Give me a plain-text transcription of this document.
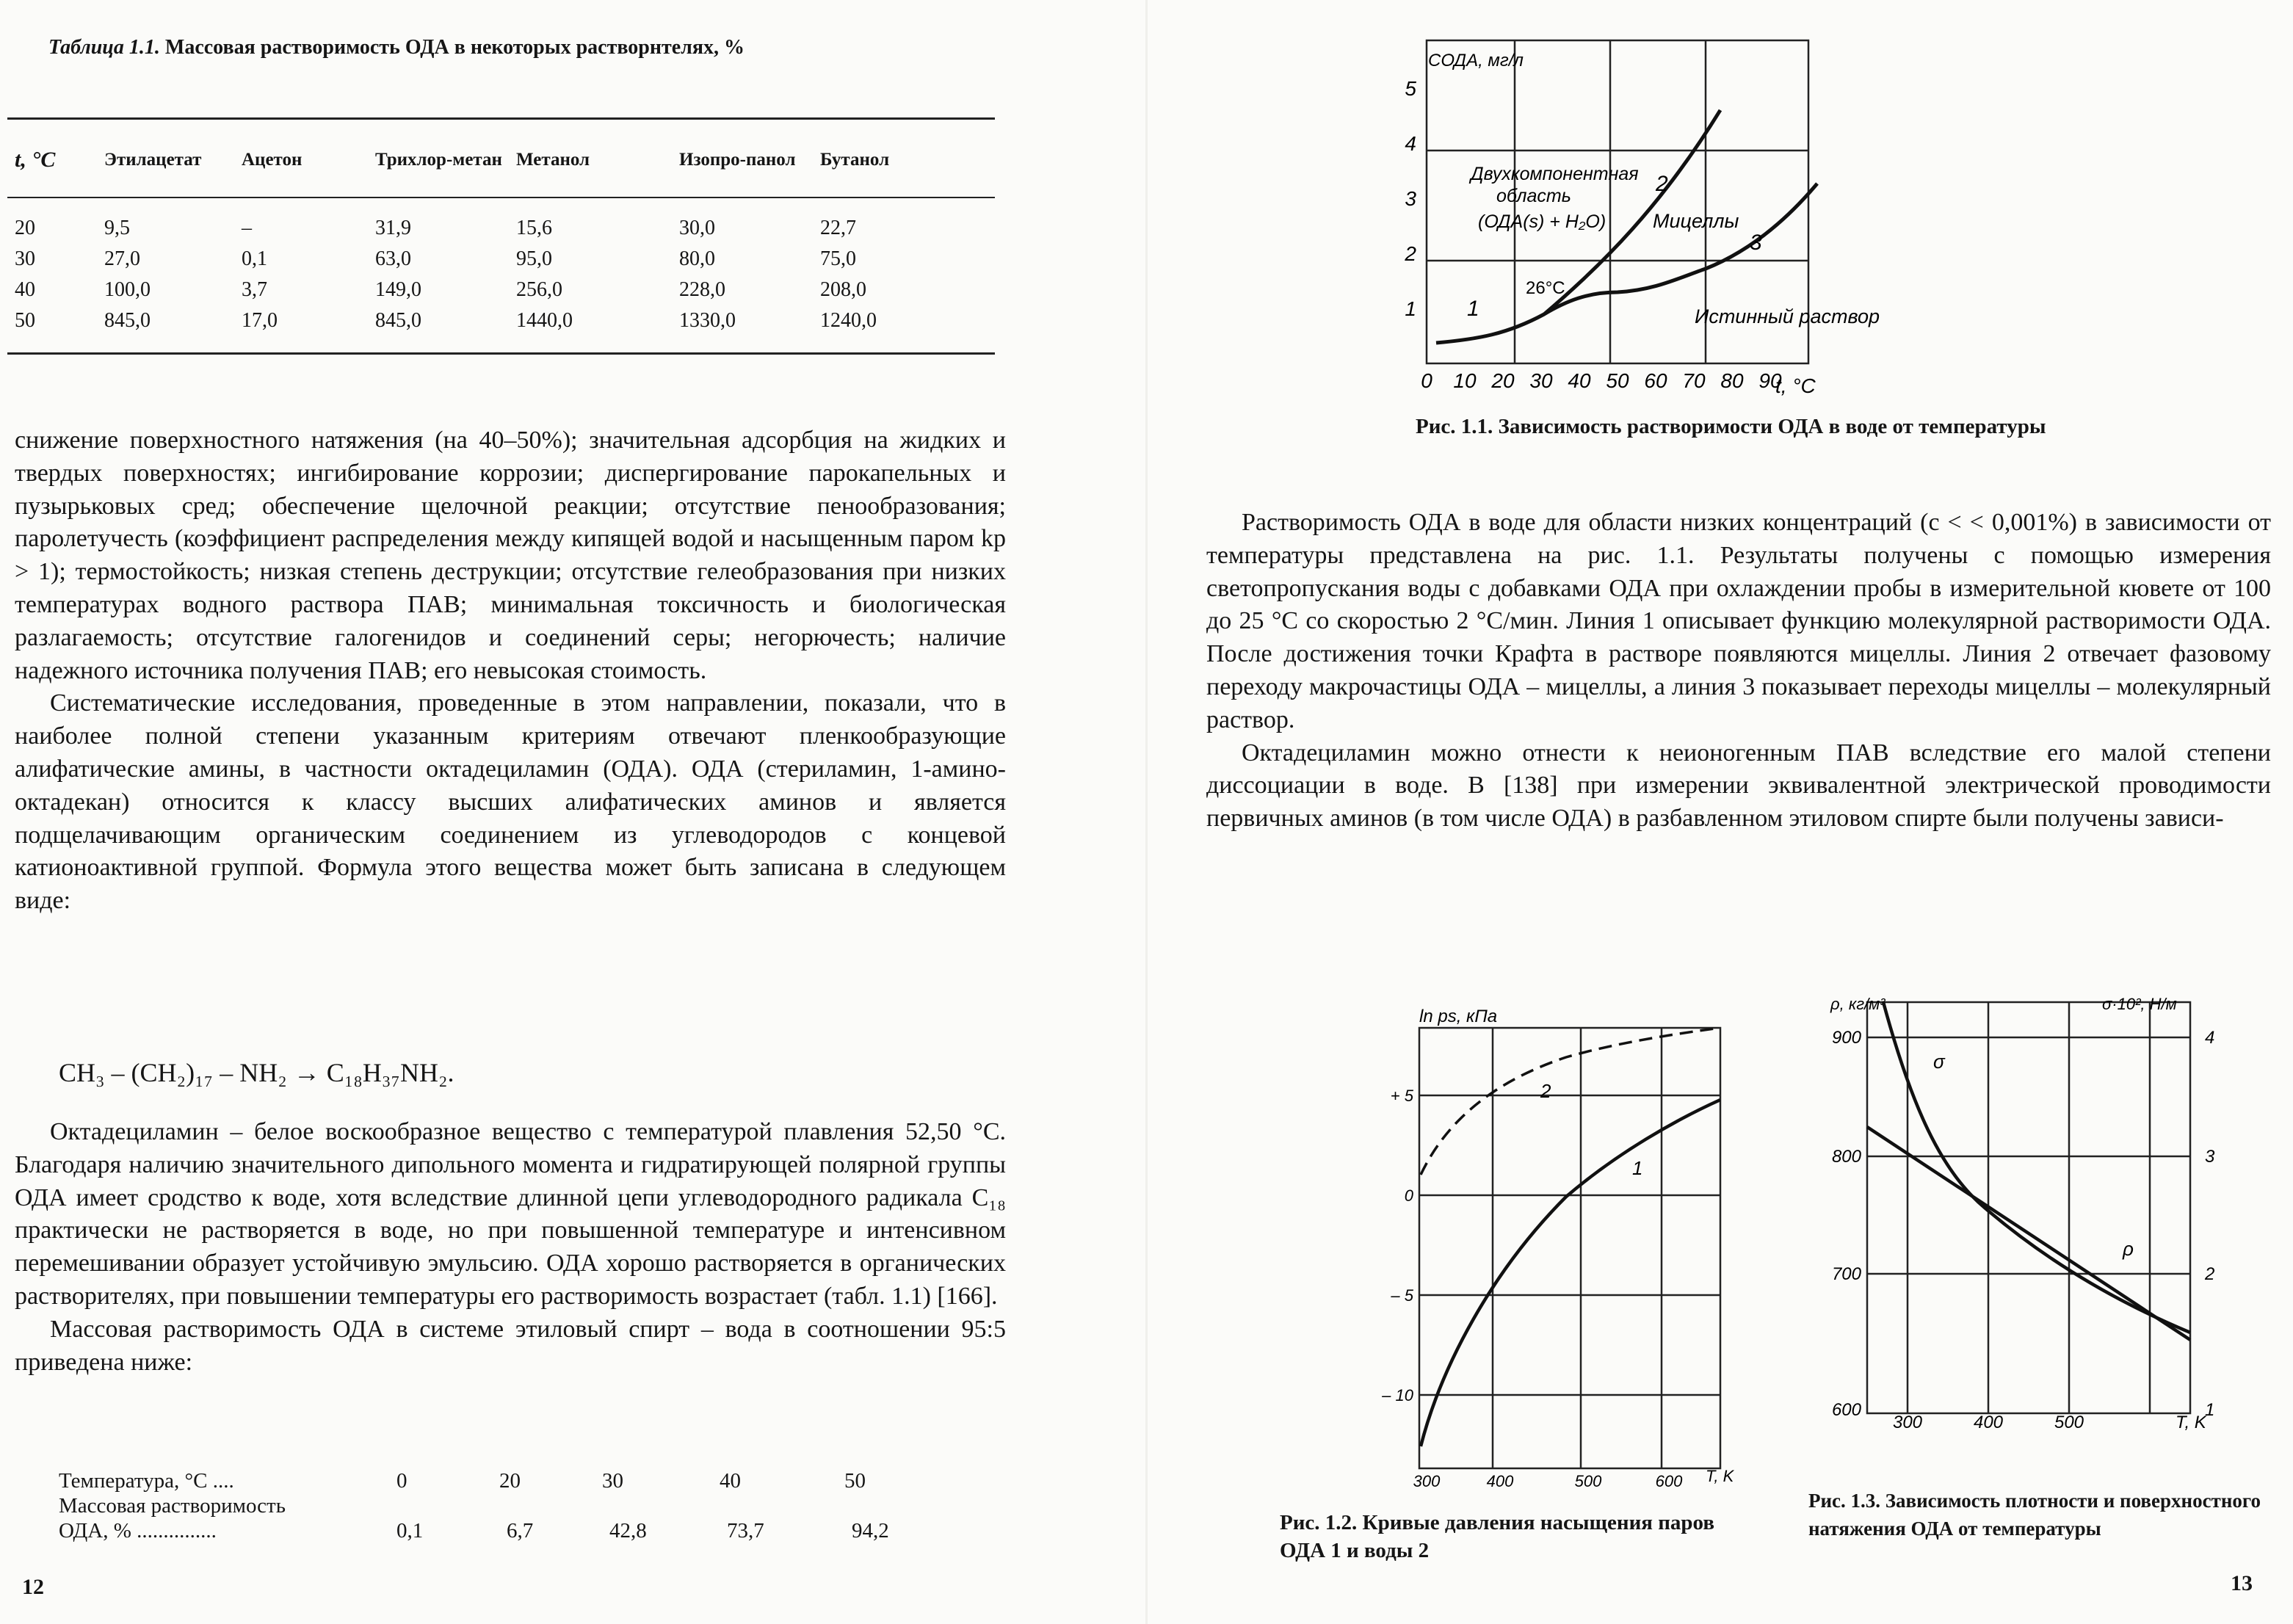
Таблица 1.1. Массовая растворимость ОДА в некоторых растворнтелях, %
t, °C	Этилацетат	Ацетон	Трихлор-метан	Метанол	Изопро-панол	Бутанол

20	9,5	–	31,9	15,6	30,0	22,7
30	27,0	0,1	63,0	95,0	80,0	75,0
40	100,0	3,7	149,0	256,0	228,0	208,0
50	845,0	17,0	845,0	1440,0	1330,0	1240,0

снижение поверхностного натяжения (на 40–50%); значительная адсорбция на жидких и твердых поверхностях; ингибирование коррозии; диспергирование парокапельных и пузырьковых сред; обеспечение щелочной реакции; отсутствие пенообразования; паролетучесть (коэффициент распределения между кипящей водой и насыщенным паром kp > 1); термостойкость; низкая степень деструкции; отсутствие гелеобразования при низких температурах водного раствора ПАВ; минимальная токсичность и биологическая разлагаемость; отсутствие галогенидов и соединений серы; негорючесть; наличие надежного источника получения ПАВ; его невысокая стоимость.

Систематические исследования, проведенные в этом направлении, показали, что в наиболее полной степени указанным критериям отвечают пленкообразующие алифатические амины, в частности октадециламин (ОДА). ОДА (стериламин, 1-амино-октадекан) относится к классу высших алифатических аминов и является подщелачивающим органическим соединением из углеводородов с концевой катионоактивной группой. Формула этого вещества может быть записана в следующем виде:

CH₃ – (CH₂)₁₇ – NH₂ → C₁₈H₃₇NH₂.

Октадециламин – белое воскообразное вещество с температурой плавления 52,50 °C. Благодаря наличию значительного дипольного момента и гидратирующей полярной группы ОДА имеет сродство к воде, хотя вследствие длинной цепи углеводородного радикала C₁₈ практически не растворяется в воде, но при повышенной температуре и интенсивном перемешивании образует устойчивую эмульсию. ОДА хорошо растворяется в органических растворителях, при повышении температуры его растворимость возрастает (табл. 1.1) [166].

Массовая растворимость ОДА в системе этиловый спирт – вода в соотношении 95:5 приведена ниже:

Температура, °C ....	0	20	30	40	50
Массовая растворимость
ОДА, % ...............	0,1	6,7	42,8	73,7	94,2
12
0 10 20 30 40 50 60 70 80 90
1
2
3
4
5
CОДА, мг/л
t, °C
1
2
3
Двухкомпонентная
область
(ОДА(s) + H₂O) Мицеллы
Истинный раствор
26°C
Рис. 1.1. Зависимость растворимости ОДА в воде от температуры

Растворимость ОДА в воде для области низких концентраций (c < < 0,001%) в зависимости от температуры представлена на рис. 1.1. Результаты получены с помощью измерения светопропускания воды с добавками ОДА при охлаждении пробы в измерительной кювете от 100 до 25 °C со скоростью 2 °C/мин. Линия 1 описывает функцию молекулярной растворимости ОДА. После достижения точки Крафта в растворе появляются мицеллы. Линия 2 отвечает фазовому переходу макрочастицы ОДА – мицеллы, а линия 3 показывает переходы мицеллы – молекулярный раствор.

Октадециламин можно отнести к неионогенным ПАВ вследствие его малой степени диссоциации в воде. В [138] при измерении эквивалентной электрической проводимости первичных аминов (в том числе ОДА) в разбавленном этиловом спирте были получены зависи-

300	400	500	600
+ 5
0
– 5
– 10
ln ps, кПа
T, K
2
1
Рис. 1.2. Кривые давления насыщения паров ОДА 1 и воды 2
300	400	500
900
800
700
600
4
3
2
1
ρ, кг/м³	σ·10², Н/м
T, K
σ
ρ
Рис. 1.3. Зависимость плотности и поверхностного натяжения ОДА от температуры
13
